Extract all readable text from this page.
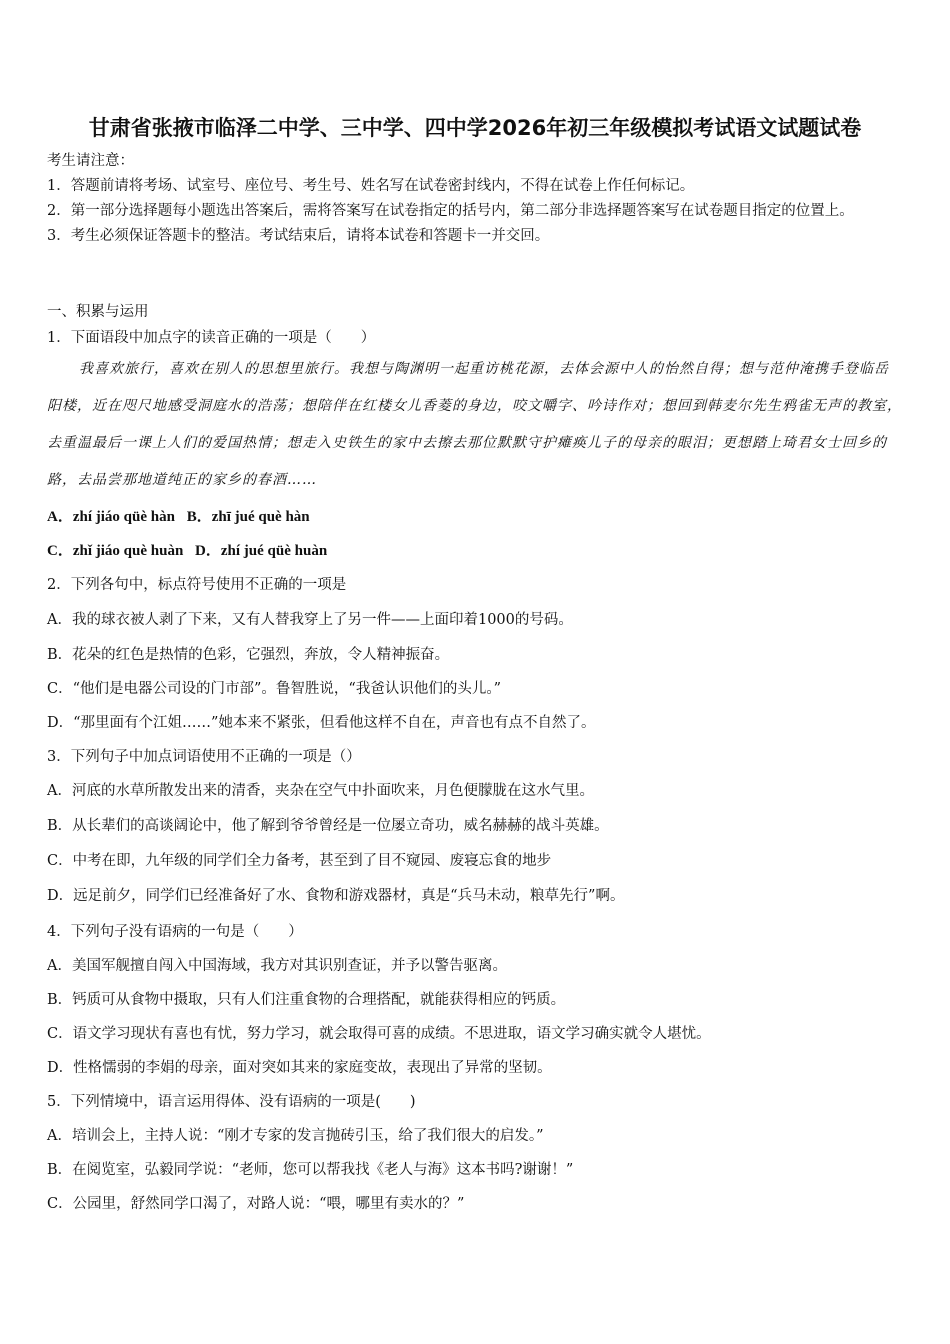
甘肃省张掖市临泽二中学、三中学、四中学2026年初三年级模拟考试语文试题试卷
考生请注意：
1．答题前请将考场、试室号、座位号、考生号、姓名写在试卷密封线内，不得在试卷上作任何标记。
2．第一部分选择题每小题选出答案后，需将答案写在试卷指定的括号内，第二部分非选择题答案写在试卷题目指定的位置上。
3．考生必须保证答题卡的整洁。考试结束后，请将本试卷和答题卡一并交回。
一、积累与运用
1．下面语段中加点字的读音正确的一项是（　　）
我喜欢旅行，喜欢在别人的思想里旅行。我想与陶渊明一起重访桃花源，去体会源中人的怡然自得；想与范仲淹携手登临岳阳楼，近在咫尺地感受洞庭水的浩荡；想陪伴在红楼女儿香菱的身边，咬文嚼字、吟诗作对；想回到韩麦尔先生鸦雀无声的教室，去重温最后一课上人们的爱国热情；想走入史铁生的家中去擦去那位默默守护瘫痪儿子的母亲的眼泪；更想踏上琦君女士回乡的路，去品尝那地道纯正的家乡的春酒……
A．zhí jiáo qüè hàn B．zhī jué què hàn
C．zhǐ jiáo què huàn D．zhí jué qüè huàn
2．下列各句中，标点符号使用不正确的一项是
A．我的球衣被人剥了下来，又有人替我穿上了另一件——上面印着1000的号码。
B．花朵的红色是热情的色彩，它强烈，奔放，令人精神振奋。
C．“他们是电器公司设的门市部”。鲁智胜说，“我爸认识他们的头儿。”
D．“那里面有个江姐……”她本来不紧张，但看他这样不自在，声音也有点不自然了。
3．下列句子中加点词语使用不正确的一项是（）
A．河底的水草所散发出来的清香，夹杂在空气中扑面吹来，月色便朦胧在这水气里。
B．从长辈们的高谈阔论中，他了解到爷爷曾经是一位屡立奇功，威名赫赫的战斗英雄。
C．中考在即，九年级的同学们全力备考，甚至到了目不窥园、废寝忘食的地步
D．远足前夕，同学们已经准备好了水、食物和游戏器材，真是“兵马未动，粮草先行”啊。
4．下列句子没有语病的一句是（　　）
A．美国军舰擅自闯入中国海域，我方对其识别查证，并予以警告驱离。
B．钙质可从食物中摄取，只有人们注重食物的合理搭配，就能获得相应的钙质。
C．语文学习现状有喜也有忧，努力学习，就会取得可喜的成绩。不思进取，语文学习确实就令人堪忧。
D．性格懦弱的李娟的母亲，面对突如其来的家庭变故，表现出了异常的坚韧。
5．下列情境中，语言运用得体、没有语病的一项是(　　)
A．培训会上，主持人说：“刚才专家的发言抛砖引玉，给了我们很大的启发。”
B．在阅览室，弘毅同学说：“老师，您可以帮我找《老人与海》这本书吗?谢谢！”
C．公园里，舒然同学口渴了，对路人说：“喂，哪里有卖水的？”
